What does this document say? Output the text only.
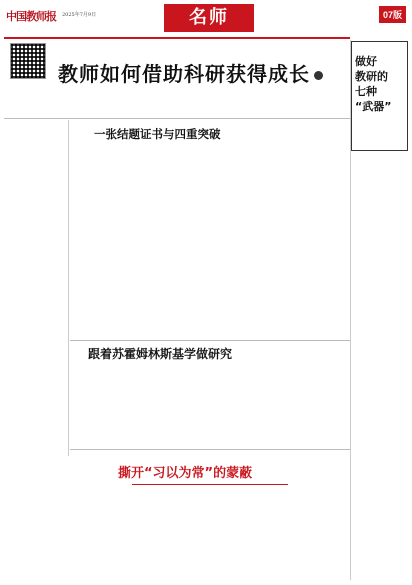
中国教师报 2025年7月9日	名师	07版
教师如何借助科研获得成长
一张结题证书与四重突破

跟着苏霍姆林斯基学做研究
做好
教研的
七种
“武器”
撕开“习以为常”的蒙蔽
